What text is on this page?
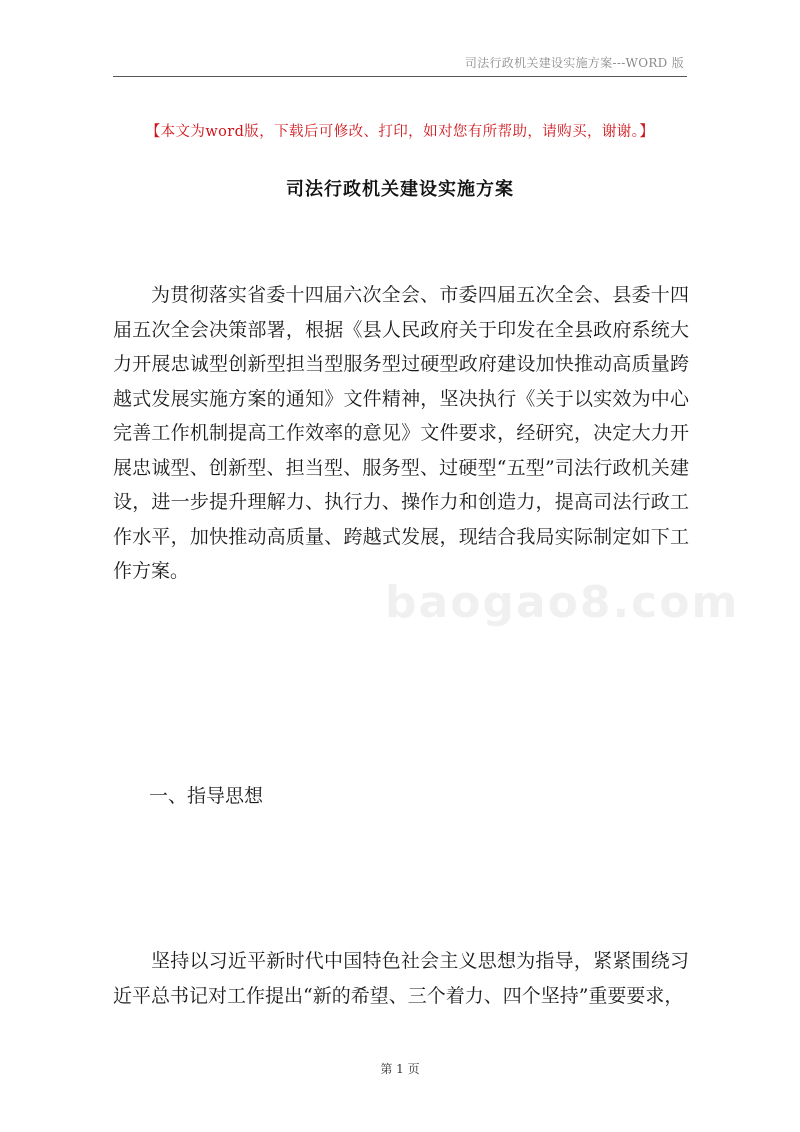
司法行政机关建设实施方案---WORD 版
【本文为word版，下载后可修改、打印，如对您有所帮助，请购买，谢谢。】
司法行政机关建设实施方案

为贯彻落实省委十四届六次全会、市委四届五次全会、县委十四届五次全会决策部署，根据《县人民政府关于印发在全县政府系统大力开展忠诚型创新型担当型服务型过硬型政府建设加快推动高质量跨越式发展实施方案的通知》文件精神，坚决执行《关于以实效为中心完善工作机制提高工作效率的意见》文件要求，经研究，决定大力开展忠诚型、创新型、担当型、服务型、过硬型“五型”司法行政机关建设，进一步提升理解力、执行力、操作力和创造力，提高司法行政工作水平，加快推动高质量、跨越式发展，现结合我局实际制定如下工作方案。

baogao8.com
一、指导思想

坚持以习近平新时代中国特色社会主义思想为指导，紧紧围绕习近平总书记对工作提出“新的希望、三个着力、四个坚持”重要要求，

第 1 页
